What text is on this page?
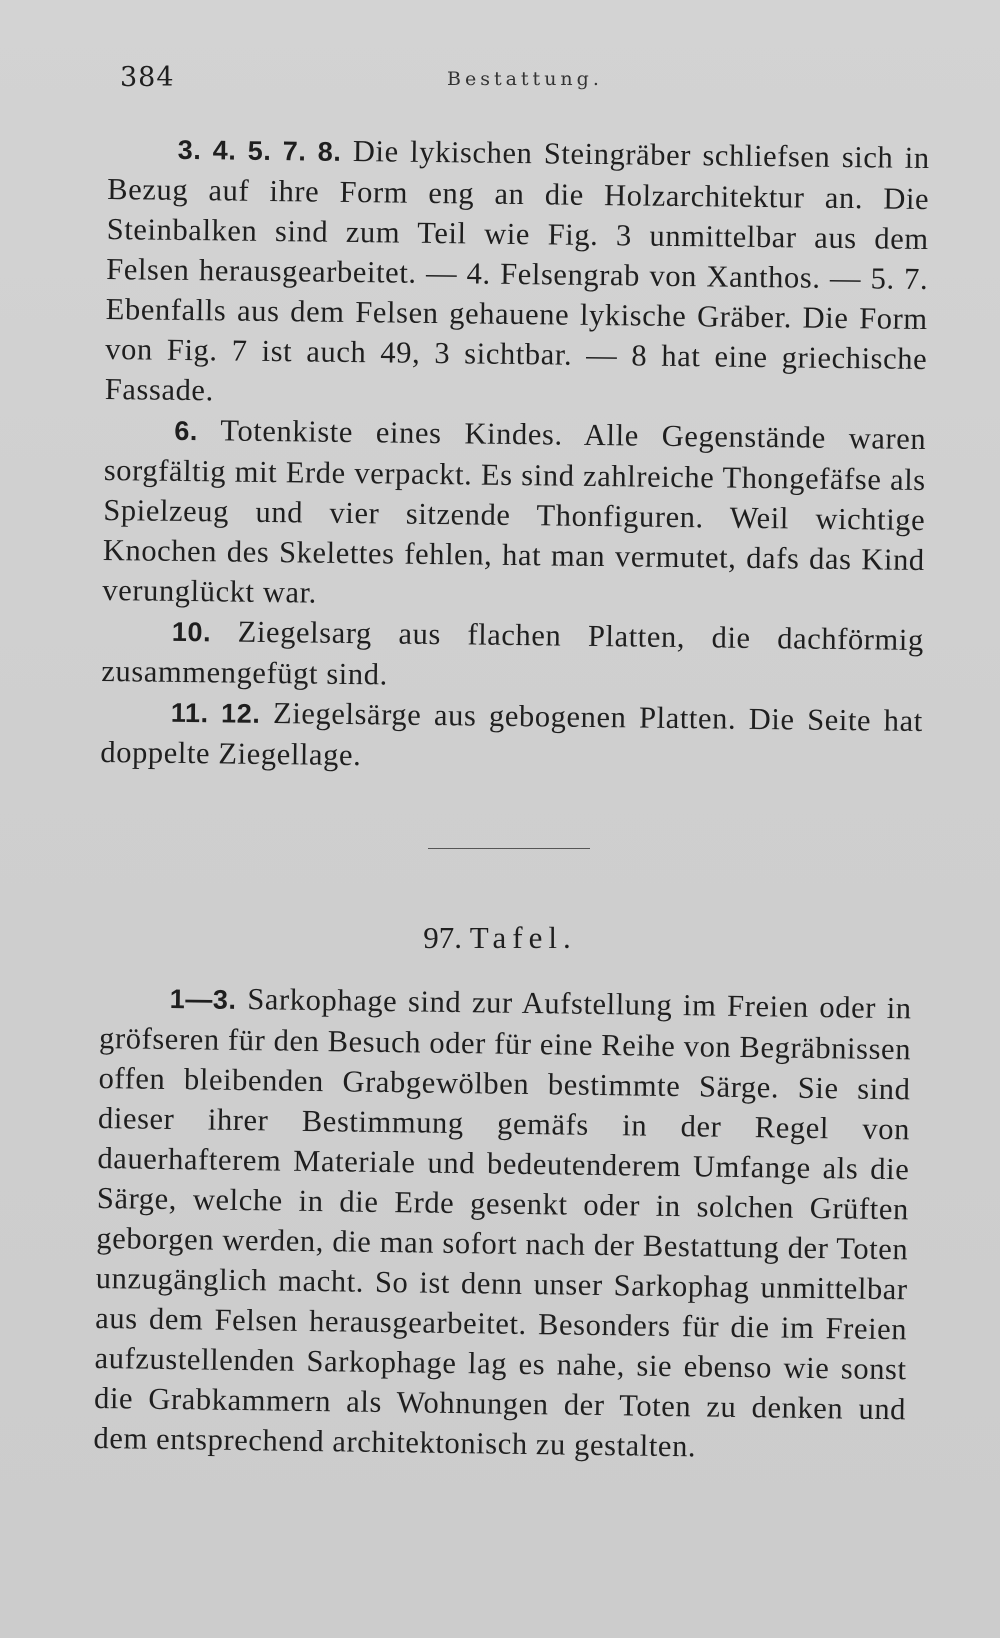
384	Bestattung.

3. 4. 5. 7. 8. Die lykischen Steingräber schliefsen sich in Bezug auf ihre Form eng an die Holzarchitektur an. Die Steinbalken sind zum Teil wie Fig. 3 unmittelbar aus dem Felsen herausgearbeitet. — 4. Felsengrab von Xanthos. — 5. 7. Ebenfalls aus dem Felsen gehauene lykische Gräber. Die Form von Fig. 7 ist auch 49, 3 sichtbar. — 8 hat eine griechische Fassade.

6. Totenkiste eines Kindes. Alle Gegenstände waren sorgfältig mit Erde verpackt. Es sind zahlreiche Thongefäfse als Spielzeug und vier sitzende Thonfiguren. Weil wichtige Knochen des Skelettes fehlen, hat man vermutet, dafs das Kind verunglückt war.

10. Ziegelsarg aus flachen Platten, die dachförmig zusammengefügt sind.

11. 12. Ziegelsärge aus gebogenen Platten. Die Seite hat doppelte Ziegellage.

97. Tafel.

1—3. Sarkophage sind zur Aufstellung im Freien oder in gröfseren für den Besuch oder für eine Reihe von Begräbnissen offen bleibenden Grabgewölben bestimmte Särge. Sie sind dieser ihrer Bestimmung gemäfs in der Regel von dauerhafterem Materiale und bedeutenderem Umfange als die Särge, welche in die Erde gesenkt oder in solchen Grüften geborgen werden, die man sofort nach der Bestattung der Toten unzugänglich macht. So ist denn unser Sarkophag unmittelbar aus dem Felsen herausgearbeitet. Besonders für die im Freien aufzustellenden Sarkophage lag es nahe, sie ebenso wie sonst die Grabkammern als Wohnungen der Toten zu denken und dem entsprechend architektonisch zu gestalten.
